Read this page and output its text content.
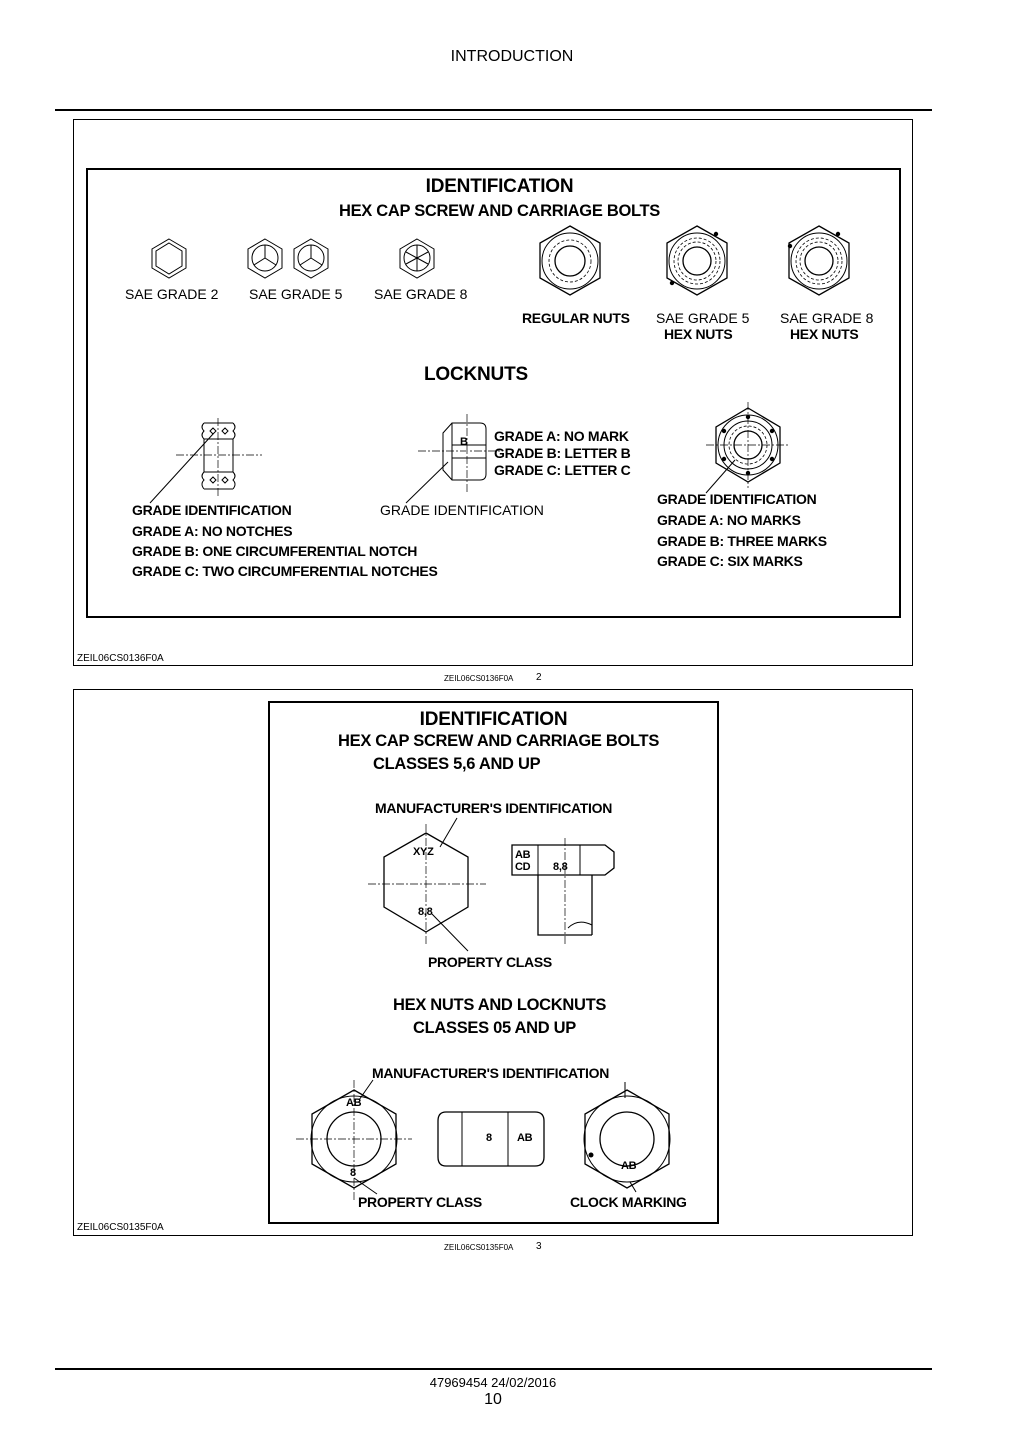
INTRODUCTION
IDENTIFICATION
HEX CAP SCREW AND CARRIAGE BOLTS
SAE GRADE 2 SAE GRADE 5 SAE GRADE 8
REGULAR NUTS SAE GRADE 5
HEX NUTS
SAE GRADE 8
HEX NUTS
LOCKNUTS
GRADE IDENTIFICATION
GRADE A: NO NOTCHES
GRADE B: ONE CIRCUMFERENTIAL NOTCH
GRADE C: TWO CIRCUMFERENTIAL NOTCHES
B GRADE A: NO MARK
GRADE B: LETTER B
GRADE C: LETTER C
GRADE IDENTIFICATION
GRADE IDENTIFICATION
GRADE A: NO MARKS
GRADE B: THREE MARKS
GRADE C: SIX MARKS
ZEIL06CS0136F0A
ZEIL06CS0136F0A 2
IDENTIFICATION
HEX CAP SCREW AND CARRIAGE BOLTS
CLASSES 5,6 AND UP
MANUFACTURER'S IDENTIFICATION
XYZ
8,8
AB
CD 8,8
PROPERTY CLASS
HEX NUTS AND LOCKNUTS
CLASSES 05 AND UP
MANUFACTURER'S IDENTIFICATION
AB
8
8 AB
AB
PROPERTY CLASS	CLOCK MARKING
ZEIL06CS0135F0A
ZEIL06CS0135F0A 3
47969454 24/02/2016
10
